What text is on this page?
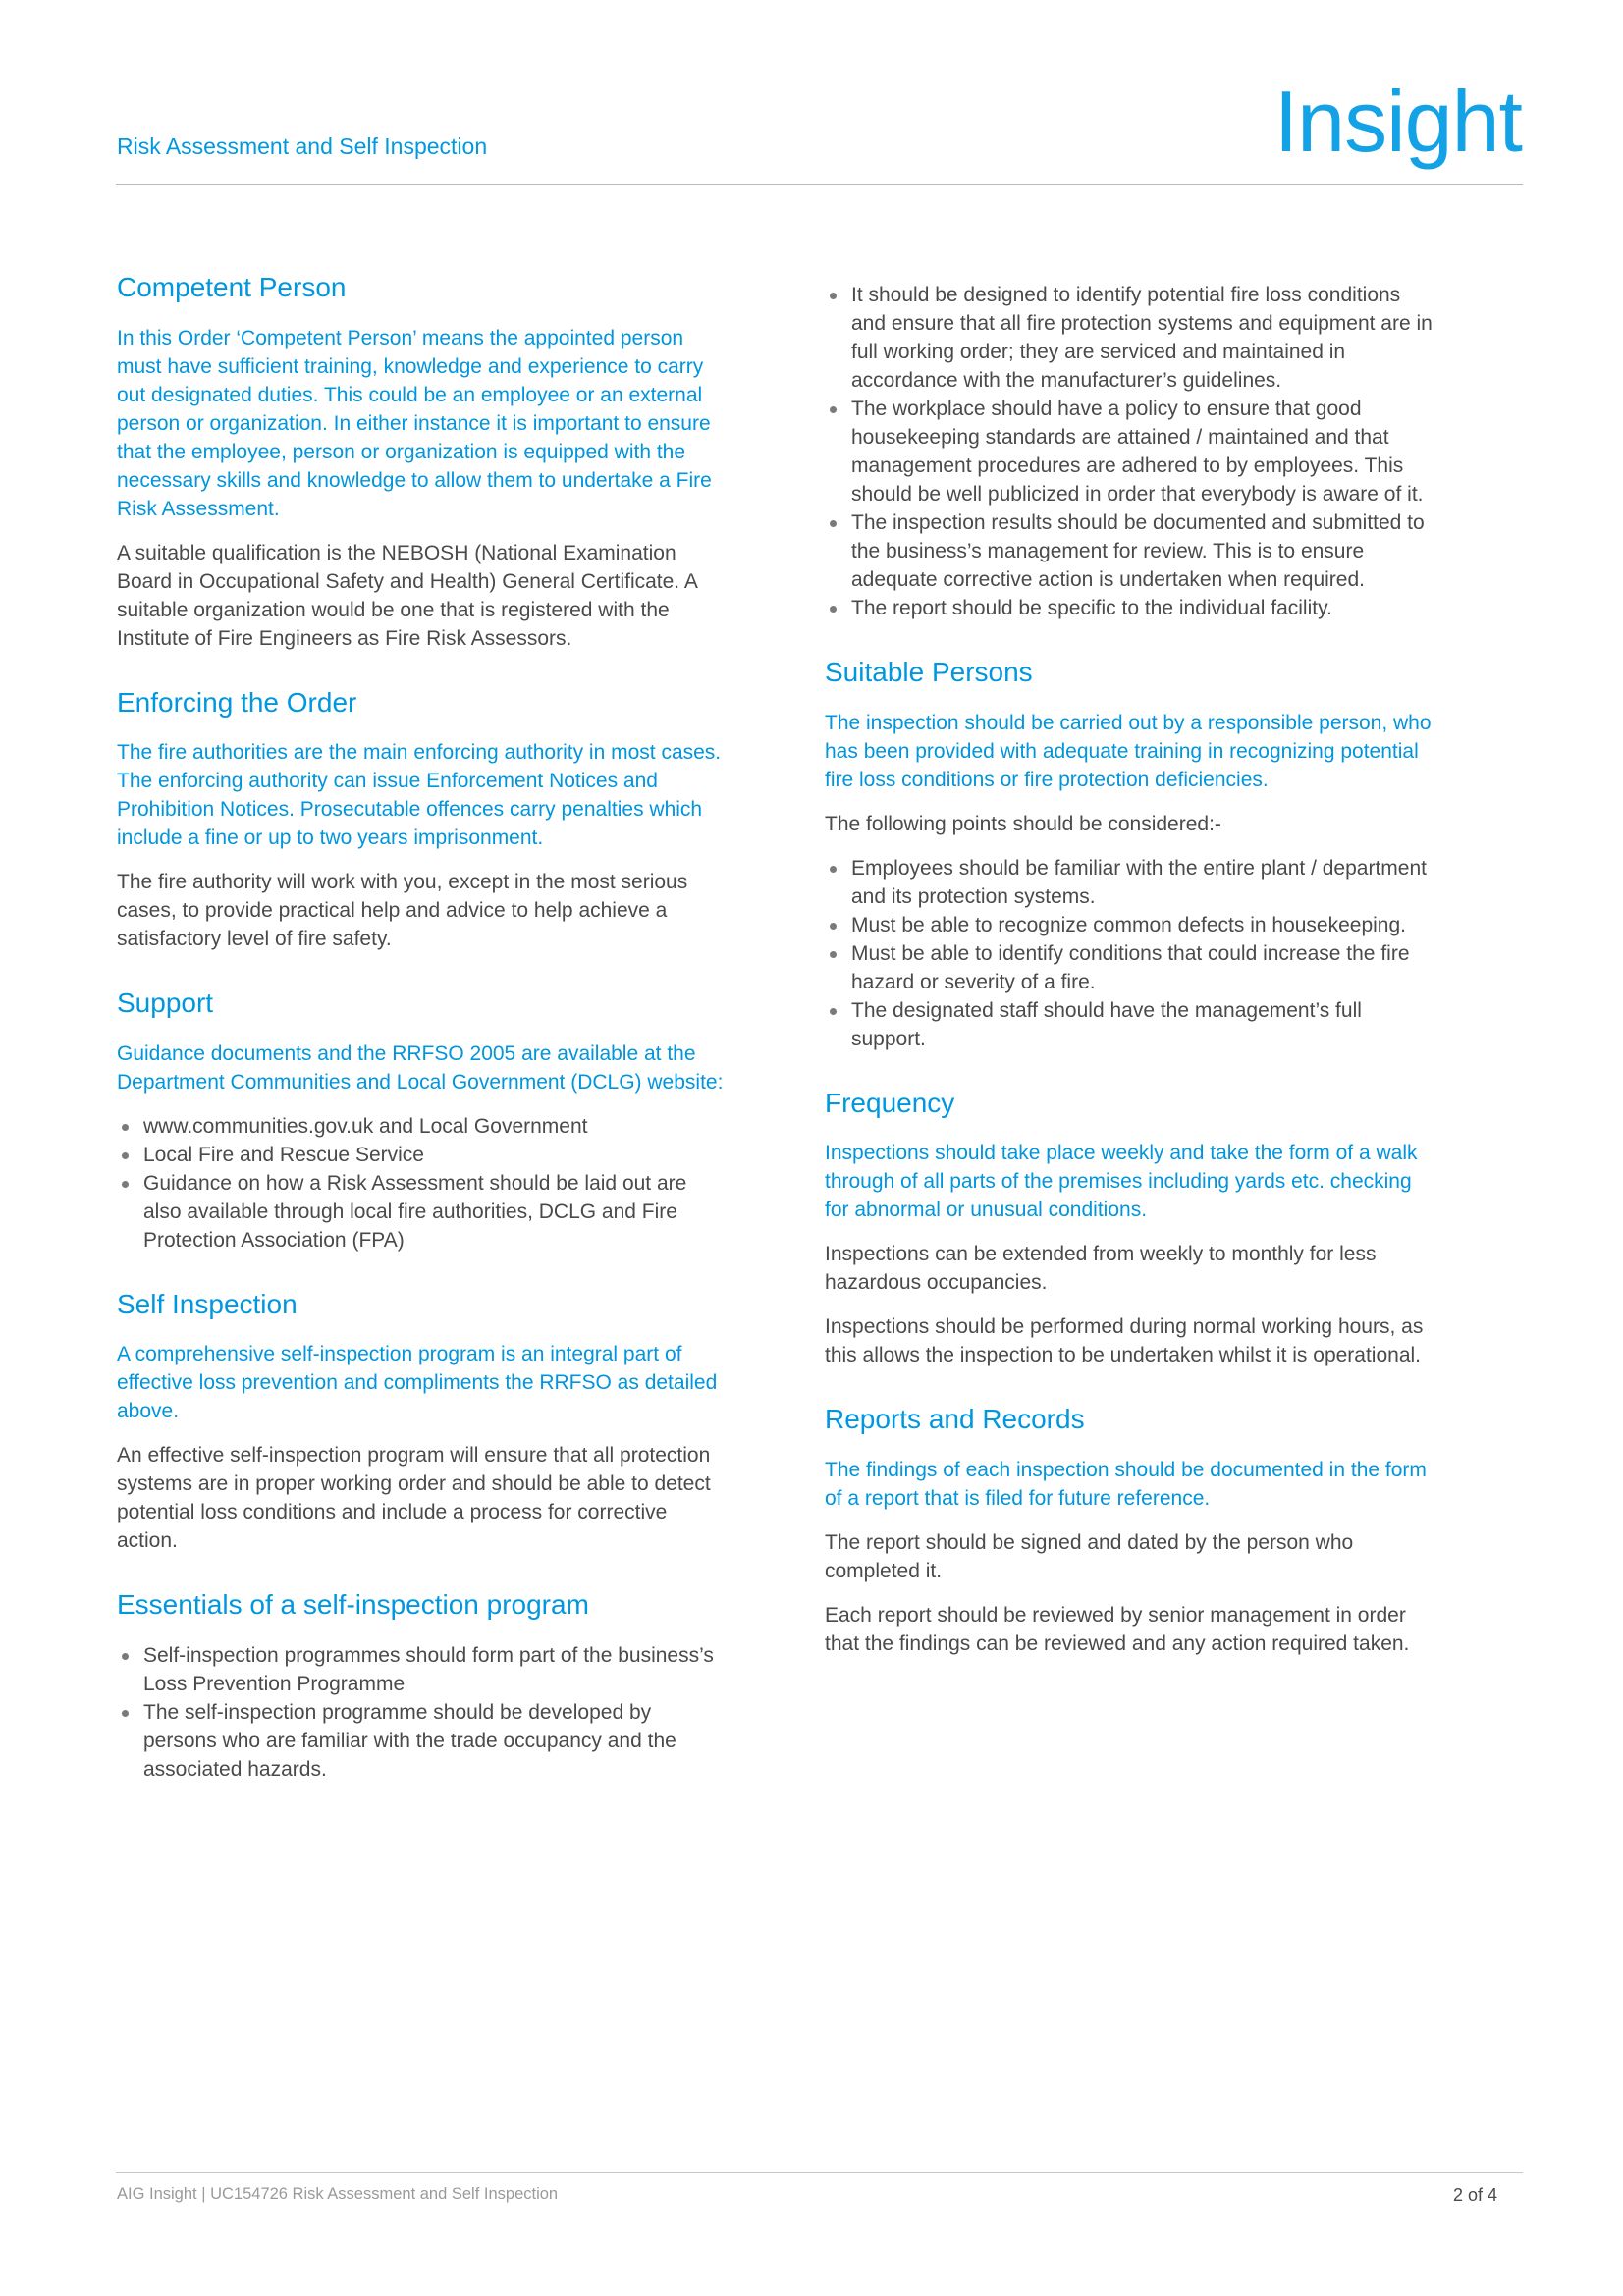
Risk Assessment and Self Inspection	Insight
Competent Person

In this Order ‘Competent Person’ means the appointed person must have sufficient training, knowledge and experience to carry out designated duties. This could be an employee or an external person or organization. In either instance it is important to ensure that the employee, person or organization is equipped with the necessary skills and knowledge to allow them to undertake a Fire Risk Assessment.

A suitable qualification is the NEBOSH (National Examination Board in Occupational Safety and Health) General Certificate. A suitable organization would be one that is registered with the Institute of Fire Engineers as Fire Risk Assessors.

Enforcing the Order

The fire authorities are the main enforcing authority in most cases. The enforcing authority can issue Enforcement Notices and Prohibition Notices. Prosecutable offences carry penalties which include a fine or up to two years imprisonment.

The fire authority will work with you, except in the most serious cases, to provide practical help and advice to help achieve a satisfactory level of fire safety.

Support

Guidance documents and the RRFSO 2005 are available at the Department Communities and Local Government (DCLG) website:

www.communities.gov.uk and Local Government
Local Fire and Rescue Service
Guidance on how a Risk Assessment should be laid out are also available through local fire authorities, DCLG and Fire Protection Association (FPA)
Self Inspection

A comprehensive self-inspection program is an integral part of effective loss prevention and compliments the RRFSO as detailed above.

An effective self-inspection program will ensure that all protection systems are in proper working order and should be able to detect potential loss conditions and include a process for corrective action.

Essentials of a self-inspection program
Self-inspection programmes should form part of the business’s Loss Prevention Programme
The self-inspection programme should be developed by persons who are familiar with the trade occupancy and the associated hazards.
It should be designed to identify potential fire loss conditions and ensure that all fire protection systems and equipment are in full working order; they are serviced and maintained in accordance with the manufacturer’s guidelines.
The workplace should have a policy to ensure that good housekeeping standards are attained / maintained and that management procedures are adhered to by employees. This should be well publicized in order that everybody is aware of it.
The inspection results should be documented and submitted to the business’s management for review. This is to ensure adequate corrective action is undertaken when required.
The report should be specific to the individual facility.
Suitable Persons

The inspection should be carried out by a responsible person, who has been provided with adequate training in recognizing potential fire loss conditions or fire protection deficiencies.

The following points should be considered:-

Employees should be familiar with the entire plant / department and its protection systems.
Must be able to recognize common defects in housekeeping.
Must be able to identify conditions that could increase the fire hazard or severity of a fire.
The designated staff should have the management’s full support.
Frequency

Inspections should take place weekly and take the form of a walk through of all parts of the premises including yards etc. checking for abnormal or unusual conditions.

Inspections can be extended from weekly to monthly for less hazardous occupancies.

Inspections should be performed during normal working hours, as this allows the inspection to be undertaken whilst it is operational.

Reports and Records

The findings of each inspection should be documented in the form of a report that is filed for future reference.

The report should be signed and dated by the person who completed it.

Each report should be reviewed by senior management in order that the findings can be reviewed and any action required taken.

AIG Insight | UC154726 Risk Assessment and Self Inspection	2 of 4
